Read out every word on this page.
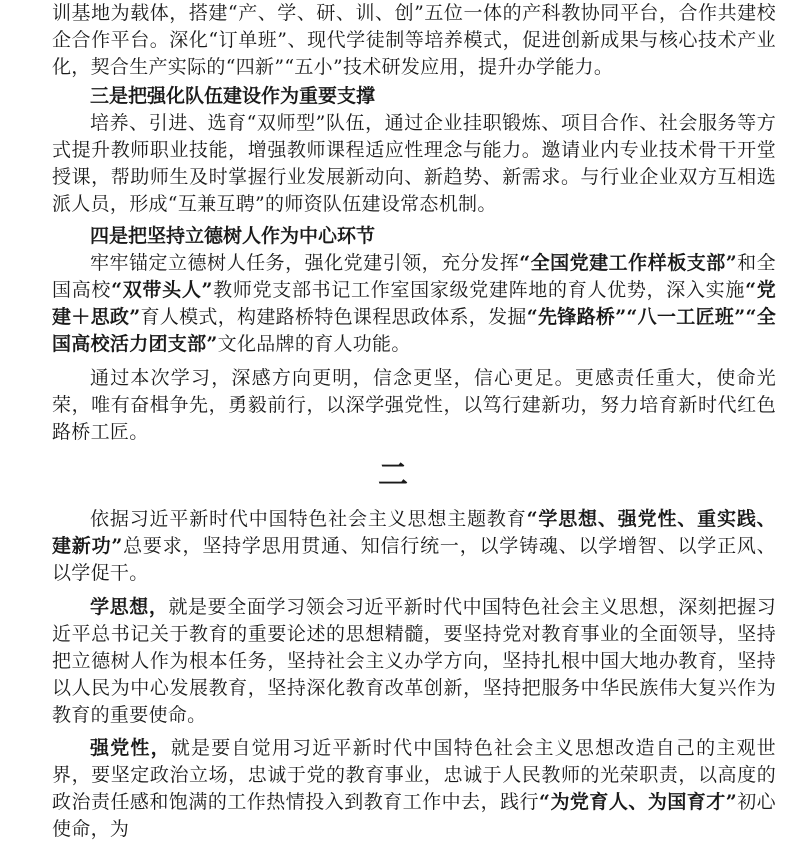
训基地为载体，搭建“产、学、研、训、创”五位一体的产科教协同平台，合作共建校企合作平台。深化“订单班”、现代学徒制等培养模式，促进创新成果与核心技术产业化，契合生产实际的“四新”“五小”技术研发应用，提升办学能力。

三是把强化队伍建设作为重要支撑

培养、引进、选育“双师型”队伍，通过企业挂职锻炼、项目合作、社会服务等方式提升教师职业技能，增强教师课程适应性理念与能力。邀请业内专业技术骨干开堂授课，帮助师生及时掌握行业发展新动向、新趋势、新需求。与行业企业双方互相选派人员，形成“互兼互聘”的师资队伍建设常态机制。

四是把坚持立德树人作为中心环节

牢牢锚定立德树人任务，强化党建引领，充分发挥“全国党建工作样板支部”和全国高校“双带头人”教师党支部书记工作室国家级党建阵地的育人优势，深入实施“党建＋思政”育人模式，构建路桥特色课程思政体系，发掘“先锋路桥”“八一工匠班”“全国高校活力团支部”文化品牌的育人功能。

通过本次学习，深感方向更明，信念更坚，信心更足。更感责任重大，使命光荣，唯有奋楫争先，勇毅前行，以深学强党性，以笃行建新功，努力培育新时代红色路桥工匠。

二

依据习近平新时代中国特色社会主义思想主题教育“学思想、强党性、重实践、建新功”总要求，坚持学思用贯通、知信行统一，以学铸魂、以学增智、以学正风、以学促干。

学思想，就是要全面学习领会习近平新时代中国特色社会主义思想，深刻把握习近平总书记关于教育的重要论述的思想精髓，要坚持党对教育事业的全面领导，坚持把立德树人作为根本任务，坚持社会主义办学方向，坚持扎根中国大地办教育，坚持以人民为中心发展教育，坚持深化教育改革创新，坚持把服务中华民族伟大复兴作为教育的重要使命。

强党性，就是要自觉用习近平新时代中国特色社会主义思想改造自己的主观世界，要坚定政治立场，忠诚于党的教育事业，忠诚于人民教师的光荣职责，以高度的政治责任感和饱满的工作热情投入到教育工作中去，践行“为党育人、为国育才”初心使命，为
